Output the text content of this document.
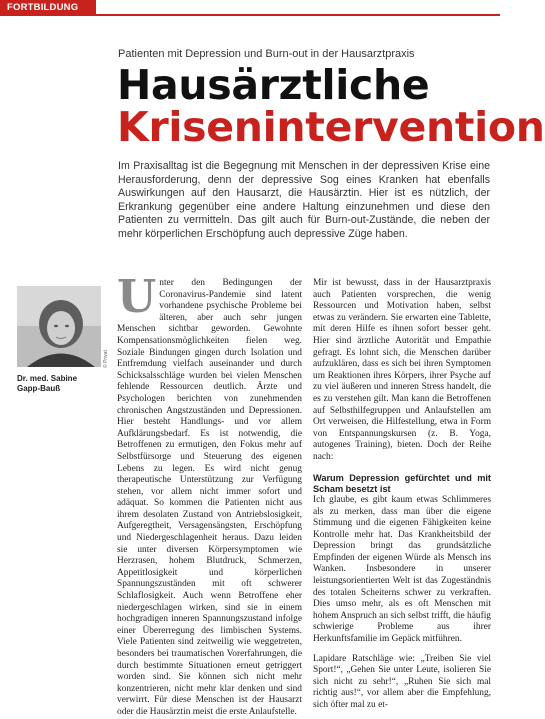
FORTBILDUNG
Patienten mit Depression und Burn-out in der Hausarztpraxis
Hausärztliche
Krisenintervention

Im Praxisalltag ist die Begegnung mit Menschen in der depressiven Krise eine Herausforderung, denn der depressive Sog eines Kranken hat ebenfalls Auswirkungen auf den Hausarzt, die Hausärztin. Hier ist es nützlich, der Erkrankung gegenüber eine andere Haltung einzunehmen und diese den Patienten zu vermitteln. Das gilt auch für Burn-out-Zustände, die neben der mehr körperlichen Erschöpfung auch depressive Züge haben.

© Privat
Dr. med. Sabine Gapp-Bauß
U nter den Bedingungen der Coronavirus-Pandemie sind latent vorhandene psychische Probleme bei älteren, aber auch sehr jungen Menschen sichtbar geworden. Gewohnte Kompensationsmöglichkeiten fielen weg. Soziale Bindungen gingen durch Isolation und Entfremdung vielfach auseinander und durch Schicksalsschläge wurden bei vielen Menschen fehlende Ressourcen deutlich. Ärzte und Psychologen berichten von zunehmenden chronischen Angstzuständen und Depressionen. Hier besteht Handlungs- und vor allem Aufklärungsbedarf. Es ist notwendig, die Betroffenen zu ermutigen, den Fokus mehr auf Selbstfürsorge und Steuerung des eigenen Lebens zu legen. Es wird nicht genug therapeutische Unterstützung zur Verfügung stehen, vor allem nicht immer sofort und adäquat. So kommen die Patienten nicht aus ihrem desolaten Zustand von Antriebslosigkeit, Aufgeregtheit, Versagensängsten, Erschöpfung und Niedergeschlagenheit heraus. Dazu leiden sie unter diversen Körpersymptomen wie Herzrasen, hohem Blutdruck, Schmerzen, Appetitlosigkeit und körperlichen Spannungszuständen mit oft schwerer Schlaflosigkeit. Auch wenn Betroffene eher niedergeschlagen wirken, sind sie in einem hochgradigen inneren Spannungszustand infolge einer Übererregung des limbischen Systems. Viele Patienten sind zeitweilig wie weggetreten, besonders bei traumatischen Vorerfahrungen, die durch bestimmte Situationen erneut getriggert worden sind. Sie können sich nicht mehr konzentrieren, nicht mehr klar denken und sind verwirrt. Für diese Menschen ist der Hausarzt oder die Hausärztin meist die erste Anlaufstelle.

Mir ist bewusst, dass in der Hausarztpraxis auch Patienten vorsprechen, die wenig Ressourcen und Motivation haben, selbst etwas zu verändern. Sie erwarten eine Tablette, mit deren Hilfe es ihnen sofort besser geht. Hier sind ärztliche Autorität und Empathie gefragt. Es lohnt sich, die Menschen darüber aufzuklären, dass es sich bei ihren Symptomen um Reaktionen ihres Körpers, ihrer Psyche auf zu viel äußeren und inneren Stress handelt, die es zu verstehen gilt. Man kann die Betroffenen auf Selbsthilfegruppen und Anlaufstellen am Ort verweisen, die Hilfestellung, etwa in Form von Entspannungskursen (z. B. Yoga, autogenes Training), bieten. Doch der Reihe nach:

Warum Depression gefürchtet und mit Scham besetzt ist

Ich glaube, es gibt kaum etwas Schlimmeres als zu merken, dass man über die eigene Stimmung und die eigenen Fähigkeiten keine Kontrolle mehr hat. Das Krankheitsbild der Depression bringt das grundsätzliche Empfinden der eigenen Würde als Mensch ins Wanken. Insbesondere in unserer leistungsorientierten Welt ist das Zugeständnis des totalen Scheiterns schwer zu verkraften. Dies umso mehr, als es oft Menschen mit hohem Anspruch an sich selbst trifft, die häufig schwierige Probleme aus ihrer Herkunftsfamilie im Gepäck mitführen.

Lapidare Ratschläge wie: „Treiben Sie viel Sport!“, „Gehen Sie unter Leute, isolieren Sie sich nicht zu sehr!“, „Ruhen Sie sich mal richtig aus!“, vor allem aber die Empfehlung, sich öfter mal zu et-
